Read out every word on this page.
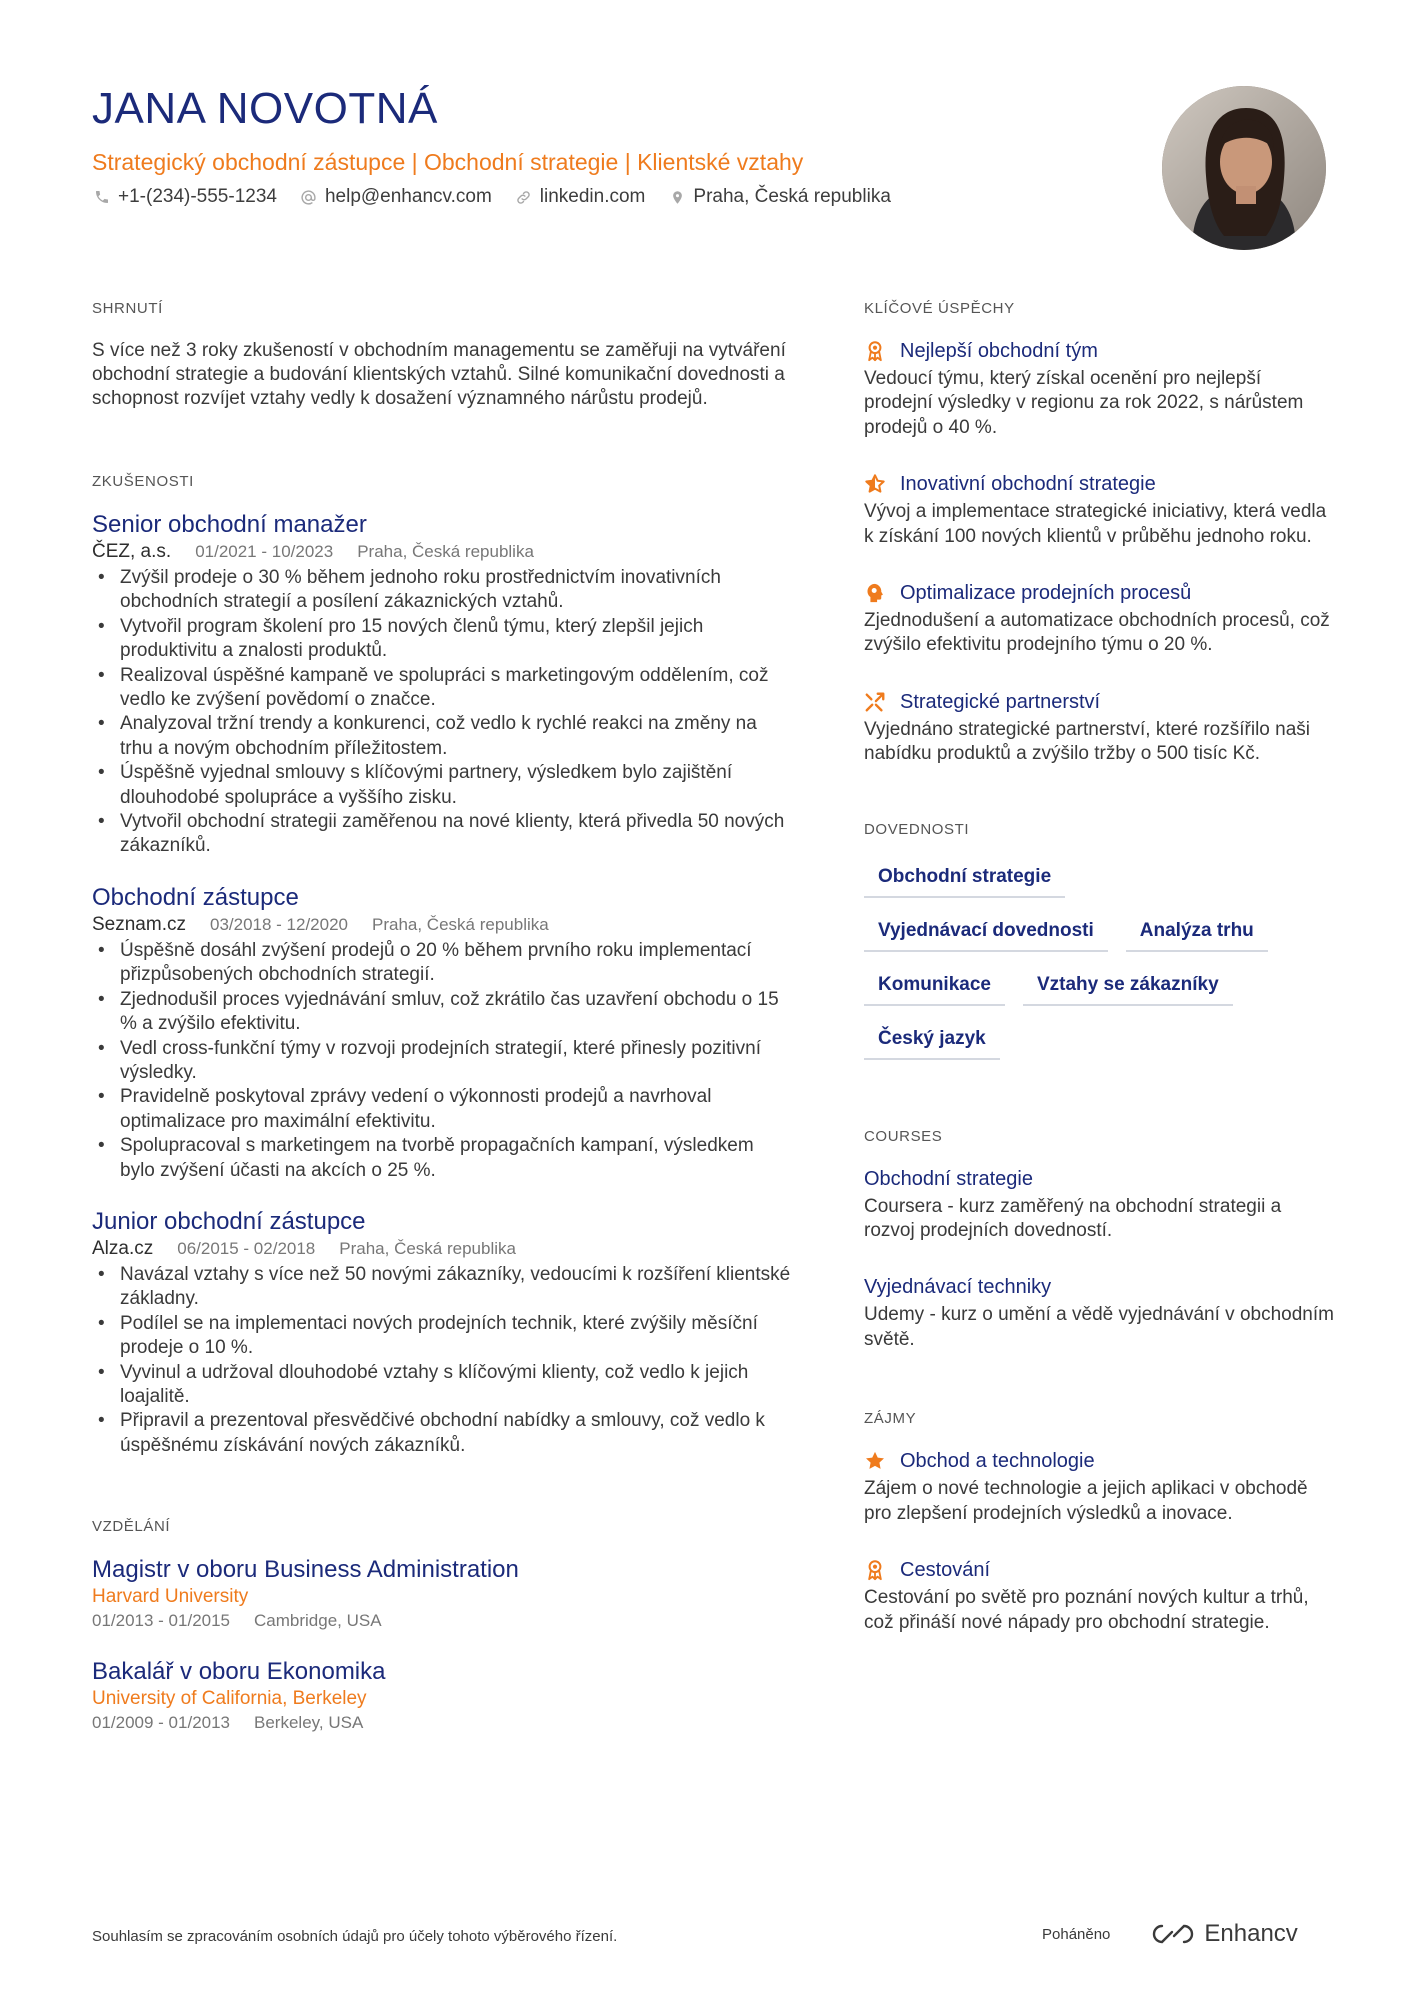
JANA NOVOTNÁ
Strategický obchodní zástupce | Obchodní strategie | Klientské vztahy
+1-(234)-555-1234	help@enhancv.com	linkedin.com	Praha, Česká republika
SHRNUTÍ

S více než 3 roky zkušeností v obchodním managementu se zaměřuji na vytváření obchodní strategie a budování klientských vztahů. Silné komunikační dovednosti a schopnost rozvíjet vztahy vedly k dosažení významného nárůstu prodejů.

ZKUŠENOSTI
Senior obchodní manažer
ČEZ, a.s. 01/2021 - 10/2023 Praha, Česká republika
• Zvýšil prodeje o 30 % během jednoho roku prostřednictvím inovativních obchodních strategií a posílení zákaznických vztahů.
• Vytvořil program školení pro 15 nových členů týmu, který zlepšil jejich produktivitu a znalosti produktů.
• Realizoval úspěšné kampaně ve spolupráci s marketingovým oddělením, což vedlo ke zvýšení povědomí o značce.
• Analyzoval tržní trendy a konkurenci, což vedlo k rychlé reakci na změny na trhu a novým obchodním příležitostem.
• Úspěšně vyjednal smlouvy s klíčovými partnery, výsledkem bylo zajištění dlouhodobé spolupráce a vyššího zisku.
• Vytvořil obchodní strategii zaměřenou na nové klienty, která přivedla 50 nových zákazníků.
Obchodní zástupce
Seznam.cz 03/2018 - 12/2020 Praha, Česká republika
• Úspěšně dosáhl zvýšení prodejů o 20 % během prvního roku implementací přizpůsobených obchodních strategií.
• Zjednodušil proces vyjednávání smluv, což zkrátilo čas uzavření obchodu o 15 % a zvýšilo efektivitu.
• Vedl cross-funkční týmy v rozvoji prodejních strategií, které přinesly pozitivní výsledky.
• Pravidelně poskytoval zprávy vedení o výkonnosti prodejů a navrhoval optimalizace pro maximální efektivitu.
• Spolupracoval s marketingem na tvorbě propagačních kampaní, výsledkem bylo zvýšení účasti na akcích o 25 %.
Junior obchodní zástupce
Alza.cz 06/2015 - 02/2018 Praha, Česká republika
• Navázal vztahy s více než 50 novými zákazníky, vedoucími k rozšíření klientské základny.
• Podílel se na implementaci nových prodejních technik, které zvýšily měsíční prodeje o 10 %.
• Vyvinul a udržoval dlouhodobé vztahy s klíčovými klienty, což vedlo k jejich loajalitě.
• Připravil a prezentoval přesvědčivé obchodní nabídky a smlouvy, což vedlo k úspěšnému získávání nových zákazníků.
VZDĚLÁNÍ
Magistr v oboru Business Administration
Harvard University
01/2013 - 01/2015 Cambridge, USA
Bakalář v oboru Ekonomika
University of California, Berkeley
01/2009 - 01/2013 Berkeley, USA
KLÍČOVÉ ÚSPĚCHY
Nejlepší obchodní tým

Vedoucí týmu, který získal ocenění pro nejlepší prodejní výsledky v regionu za rok 2022, s nárůstem prodejů o 40 %.

Inovativní obchodní strategie

Vývoj a implementace strategické iniciativy, která vedla k získání 100 nových klientů v průběhu jednoho roku.

Optimalizace prodejních procesů

Zjednodušení a automatizace obchodních procesů, což zvýšilo efektivitu prodejního týmu o 20 %.

Strategické partnerství

Vyjednáno strategické partnerství, které rozšířilo naši nabídku produktů a zvýšilo tržby o 500 tisíc Kč.

DOVEDNOSTI
Obchodní strategie
Vyjednávací dovednosti	Analýza trhu
Komunikace	Vztahy se zákazníky
Český jazyk
COURSES
Obchodní strategie

Coursera - kurz zaměřený na obchodní strategii a rozvoj prodejních dovedností.

Vyjednávací techniky

Udemy - kurz o umění a vědě vyjednávání v obchodním světě.

ZÁJMY
Obchod a technologie

Zájem o nové technologie a jejich aplikaci v obchodě pro zlepšení prodejních výsledků a inovace.

Cestování

Cestování po světě pro poznání nových kultur a trhů, což přináší nové nápady pro obchodní strategie.

Souhlasím se zpracováním osobních údajů pro účely tohoto výběrového řízení.	Poháněno	Enhancv
